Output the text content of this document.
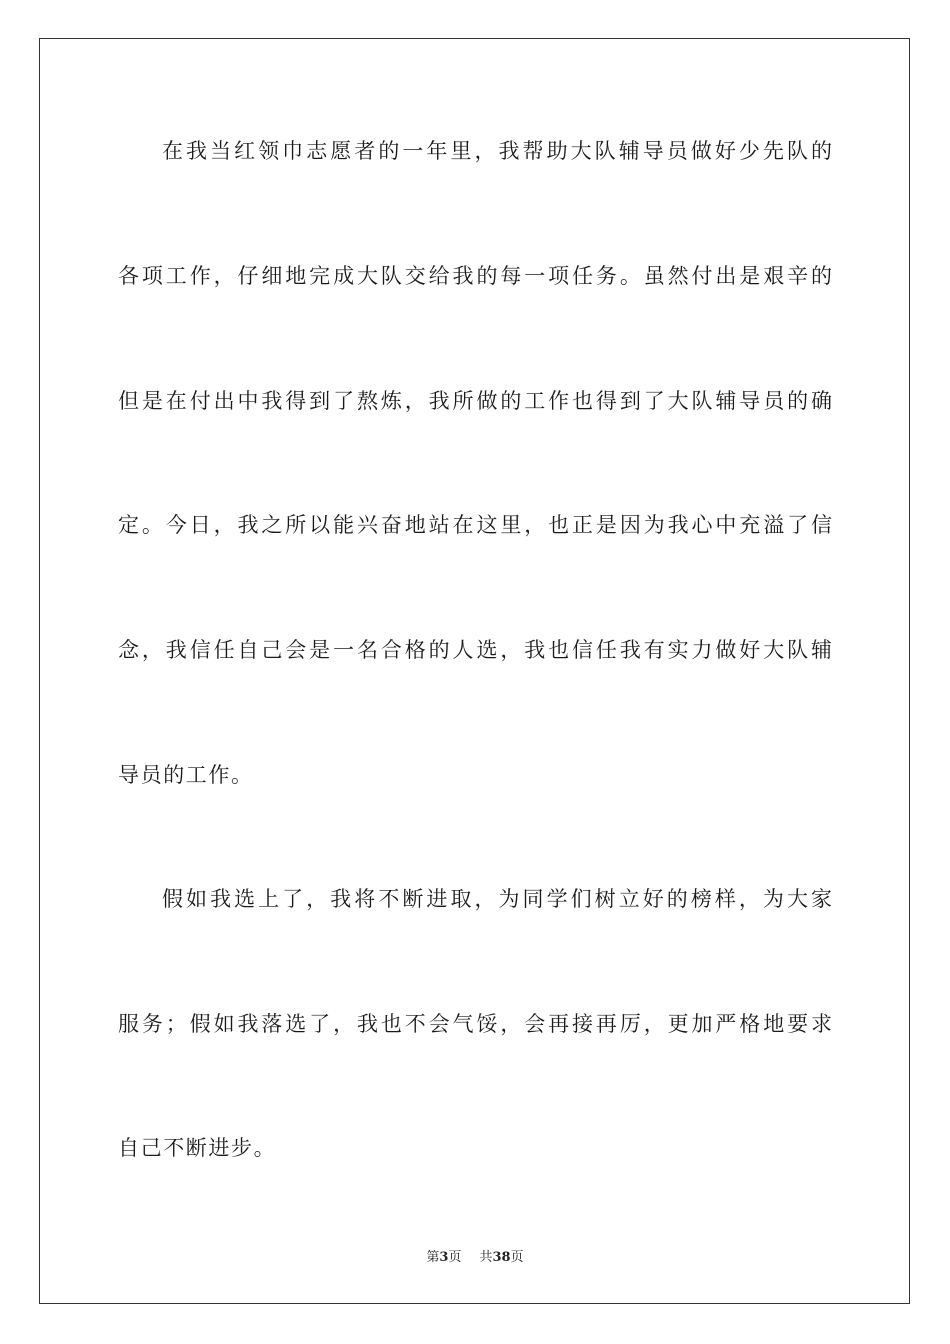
在我当红领巾志愿者的一年里，我帮助大队辅导员做好少先队的

各项工作，仔细地完成大队交给我的每一项任务。虽然付出是艰辛的

但是在付出中我得到了熬炼，我所做的工作也得到了大队辅导员的确

定。今日，我之所以能兴奋地站在这里，也正是因为我心中充溢了信

念，我信任自己会是一名合格的人选，我也信任我有实力做好大队辅

导员的工作。

假如我选上了，我将不断进取，为同学们树立好的榜样，为大家

服务；假如我落选了，我也不会气馁，会再接再厉，更加严格地要求

自己不断进步。

第3页 共38页
